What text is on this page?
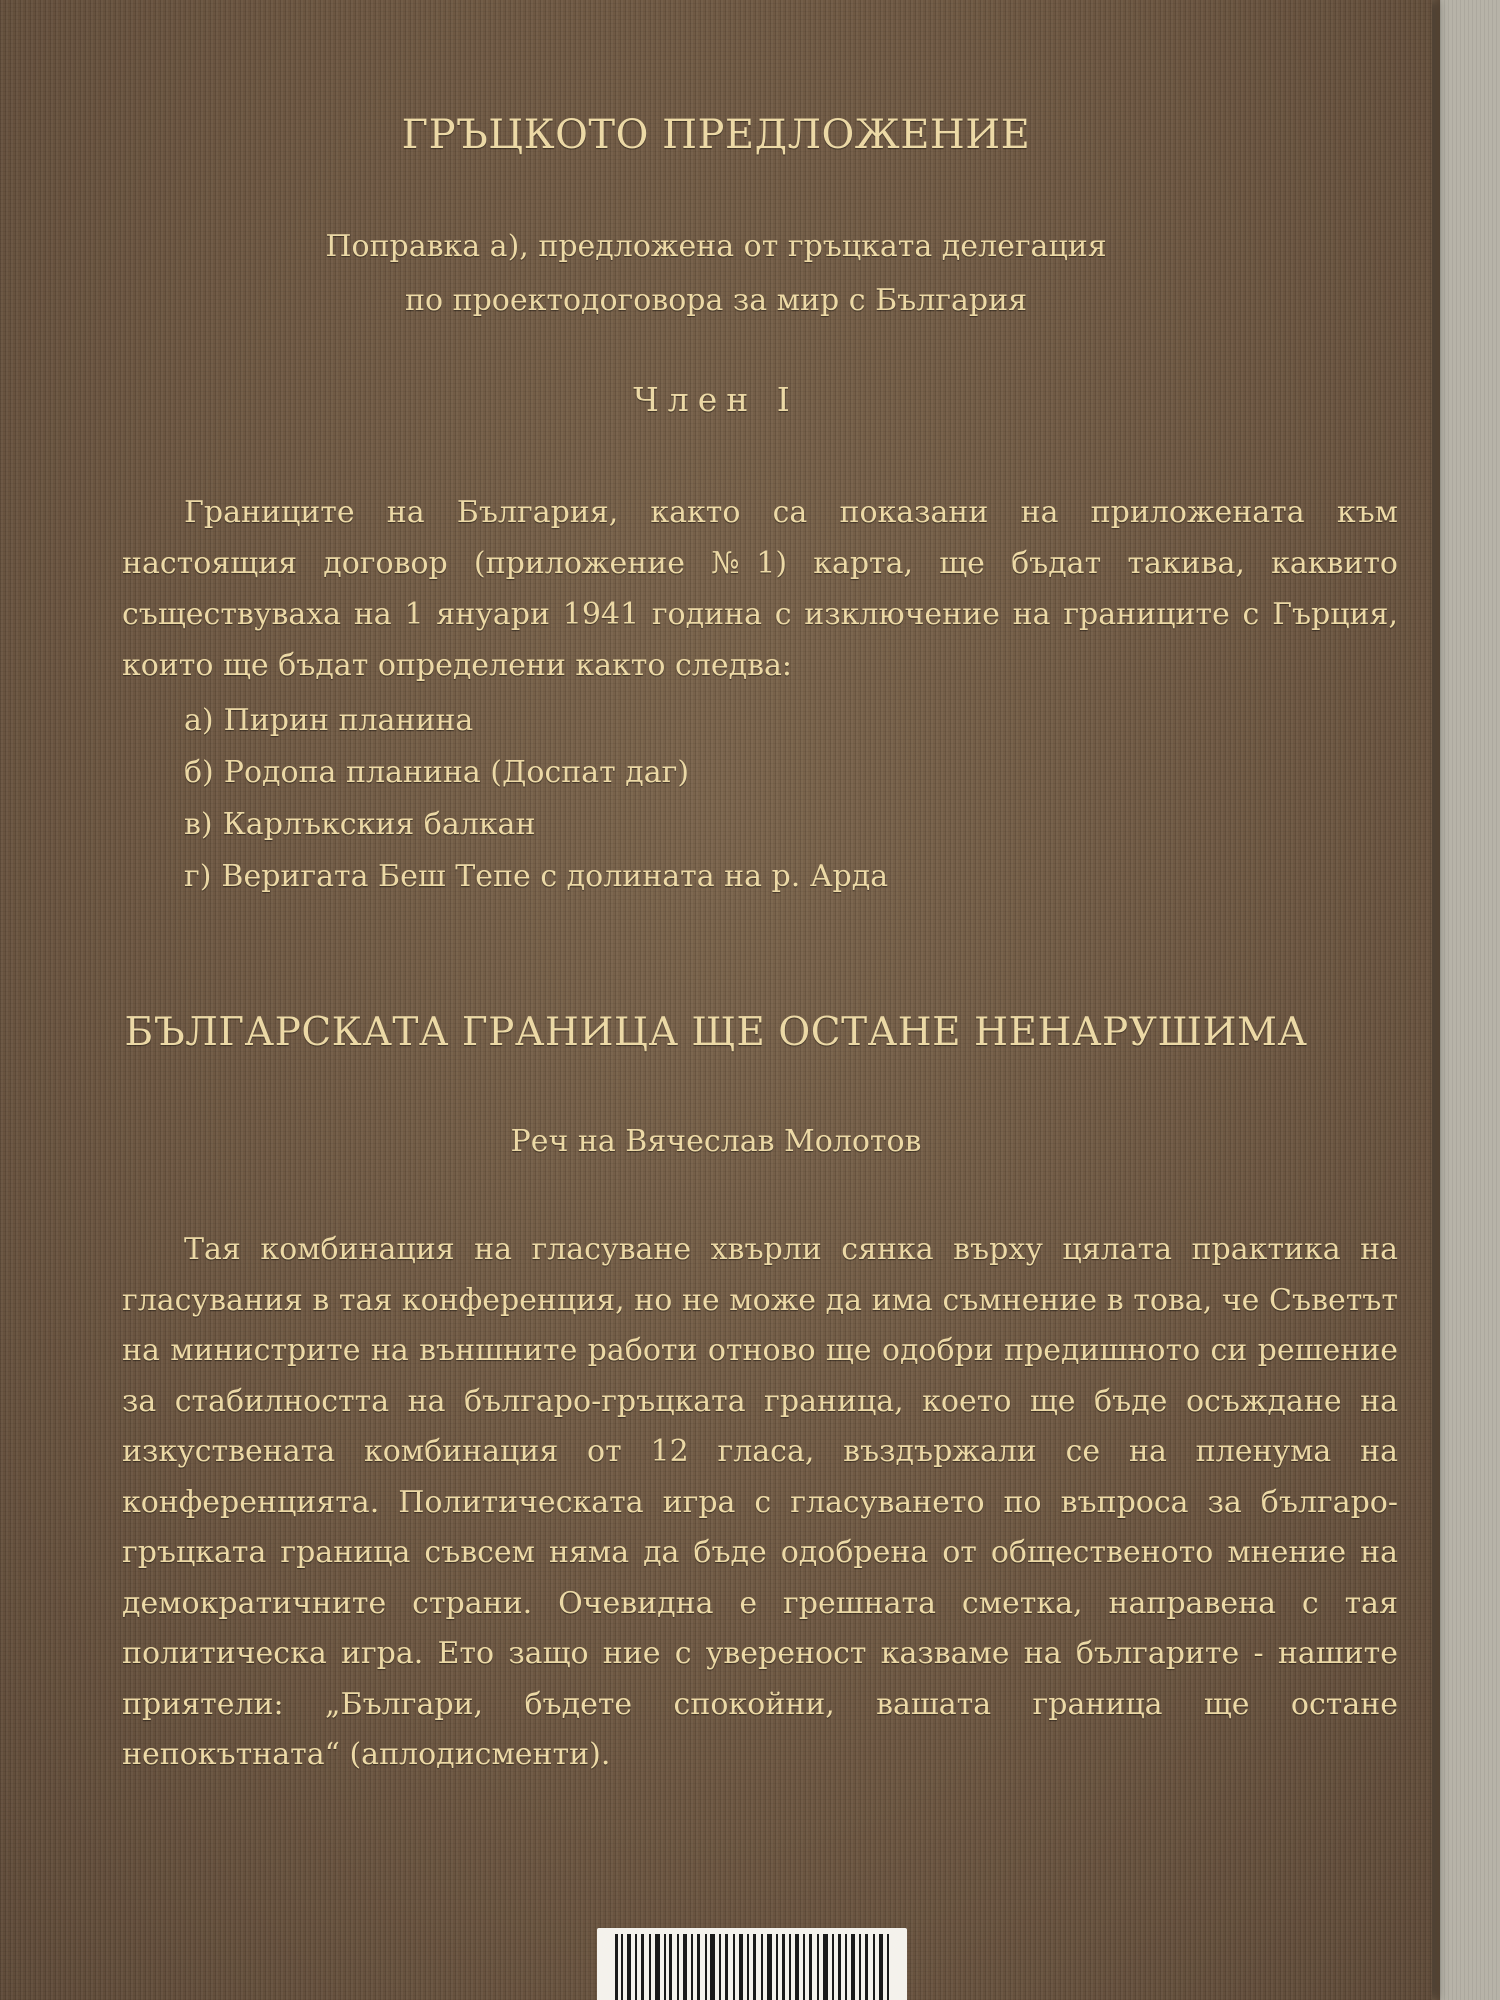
ГРЪЦКОТО ПРЕДЛОЖЕНИЕ
Поправка а), предложена от гръцката делегация
по проектодоговора за мир с България
Член I

Границите на България, както са показани на приложената към настоящия договор (приложение №1) карта, ще бъдат такива, каквито съществуваха на 1 януари 1941 година с изключение на границите с Гърция, които ще бъдат определени както следва:

а) Пирин планина
б) Родопа планина (Доспат даг)
в) Карлъкския балкан
г) Веригата Беш Тепе с долината на р. Арда
БЪЛГАРСКАТА ГРАНИЦА ЩЕ ОСТАНЕ НЕНАРУШИМА
Реч на Вячеслав Молотов

Тая комбинация на гласуване хвърли сянка върху цялата практика на гласувания в тая конференция, но не може да има съмнение в това, че Съветът на министрите на външните работи отново ще одобри предишното си решение за стабилността на българо-гръцката граница, което ще бъде осъждане на изкуствената комбинация от 12 гласа, въздържали се на пленума на конференцията. Политическата игра с гласуването по въпроса за българо-гръцката граница съвсем няма да бъде одобрена от общественото мнение на демократичните страни. Очевидна е грешната сметка, направена с тая политическа игра. Ето защо ние с увереност казваме на българите - нашите приятели: „Българи, бъдете спокойни, вашата граница ще остане непокътната“ (аплодисменти).
